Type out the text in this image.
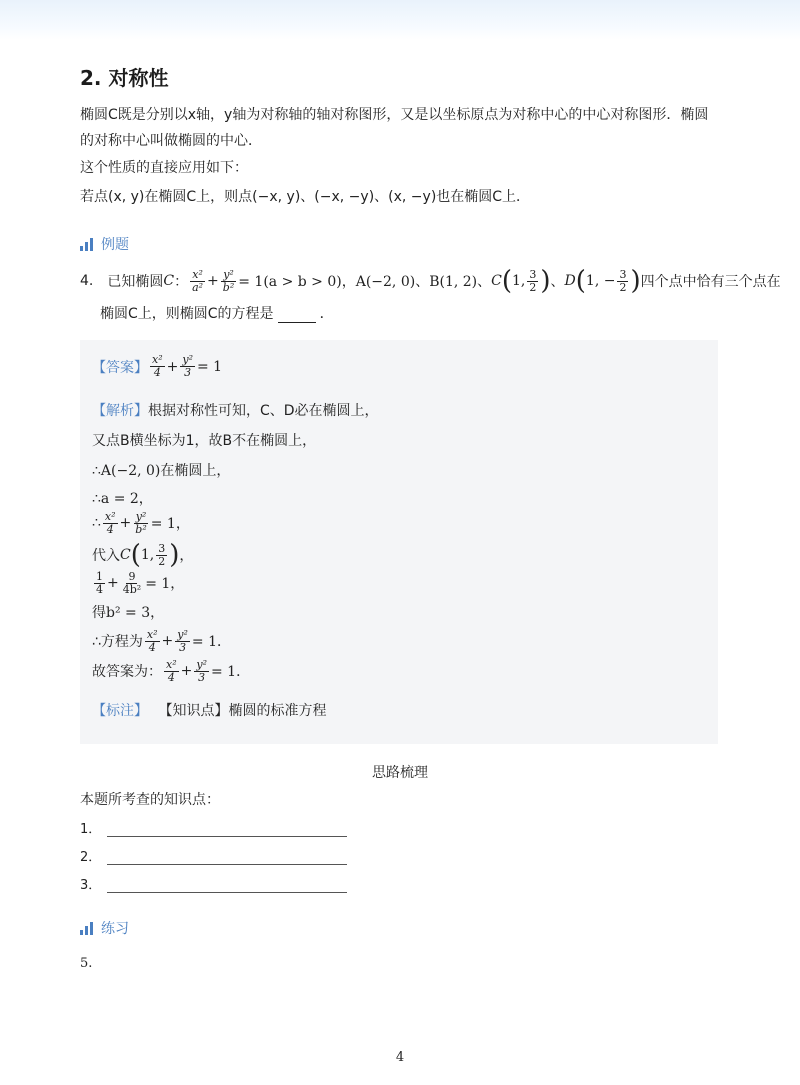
2. 对称性
椭圆C既是分别以x轴，y轴为对称轴的轴对称图形，又是以坐标原点为对称中心的中心对称图形．椭圆
的对称中心叫做椭圆的中心．
这个性质的直接应用如下：
若点(x, y)在椭圆C上，则点(−x, y)、(−x, −y)、(x, −y)也在椭圆C上．
例题
4. 已知椭圆 C ： $\frac{\text{x²}}{\text{a²}} + \frac{\text{y²}}{\text{b²}} = 1(a > b > 0)$，A(−2, 0)、B(1, 2)、 C ( 1, $\frac{3}{2}$ ) 、 D ( 1, − $\frac{3}{2}$ ) 四个点中恰有三个点在
椭圆C上，则椭圆C的方程是	．
【答案】 $\frac{\text{x²}}{4} + \frac{\text{y²}}{3} = 1$
【解析】根据对称性可知，C、D必在椭圆上，
又点B横坐标为1，故B不在椭圆上，
∴A(−2, 0)在椭圆上，
∴a = 2，
∴ $\frac{\text{x²}}{4} + \frac{\text{y²}}{\text{b²}} = 1$，
代入 C ( 1, $\frac{3}{2}$ ) ，
$\frac{1}{4} + \frac{9}{\text{4b²}} = 1$，
得b² = 3，
∴方程为 $\frac{\text{x²}}{4} + \frac{\text{y²}}{3} = 1$．
故答案为： $\frac{\text{x²}}{4} + \frac{\text{y²}}{3} = 1$．
【标注】 【知识点】椭圆的标准方程
思路梳理
本题所考查的知识点：
1．
2．
3．
练习
5.
4
